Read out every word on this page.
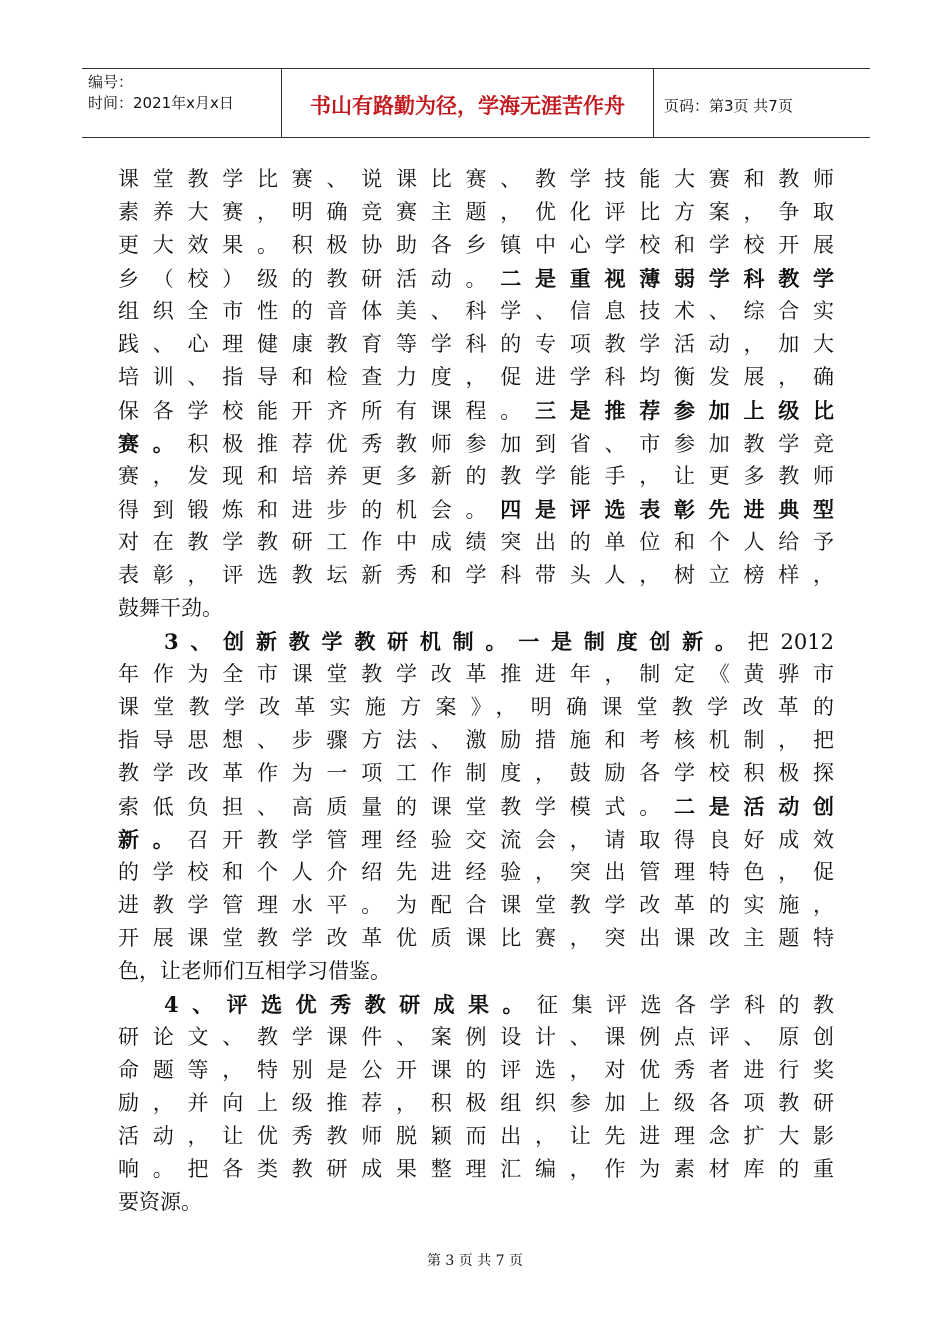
编号：
时间：2021年x月x日	书山有路勤为径，学海无涯苦作舟	页码：第3页 共7页
课堂教学比赛、说课比赛、教学技能大赛和教师
素养大赛，明确竞赛主题，优化评比方案，争取
更大效果。积极协助各乡镇中心学校和学校开展
乡（校）级的教研活动。二是重视薄弱学科教学
组织全市性的音体美、科学、信息技术、综合实
践、心理健康教育等学科的专项教学活动，加大
培训、指导和检查力度，促进学科均衡发展，确
保各学校能开齐所有课程。三是推荐参加上级比
赛。积极推荐优秀教师参加到省、市参加教学竞
赛，发现和培养更多新的教学能手，让更多教师
得到锻炼和进步的机会。四是评选表彰先进典型
对在教学教研工作中成绩突出的单位和个人给予
表彰，评选教坛新秀和学科带头人，树立榜样，
鼓舞干劲。
3、创新教学教研机制。一是制度创新。把2012
年作为全市课堂教学改革推进年，制定《黄骅市
课堂教学改革实施方案》，明确课堂教学改革的
指导思想、步骤方法、激励措施和考核机制，把
教学改革作为一项工作制度，鼓励各学校积极探
索低负担、高质量的课堂教学模式。二是活动创
新。召开教学管理经验交流会，请取得良好成效
的学校和个人介绍先进经验，突出管理特色，促
进教学管理水平。为配合课堂教学改革的实施，
开展课堂教学改革优质课比赛，突出课改主题特
色，让老师们互相学习借鉴。
4、评选优秀教研成果。征集评选各学科的教
研论文、教学课件、案例设计、课例点评、原创
命题等，特别是公开课的评选，对优秀者进行奖
励，并向上级推荐，积极组织参加上级各项教研
活动，让优秀教师脱颖而出，让先进理念扩大影
响。把各类教研成果整理汇编，作为素材库的重
要资源。
第 3 页 共 7 页
